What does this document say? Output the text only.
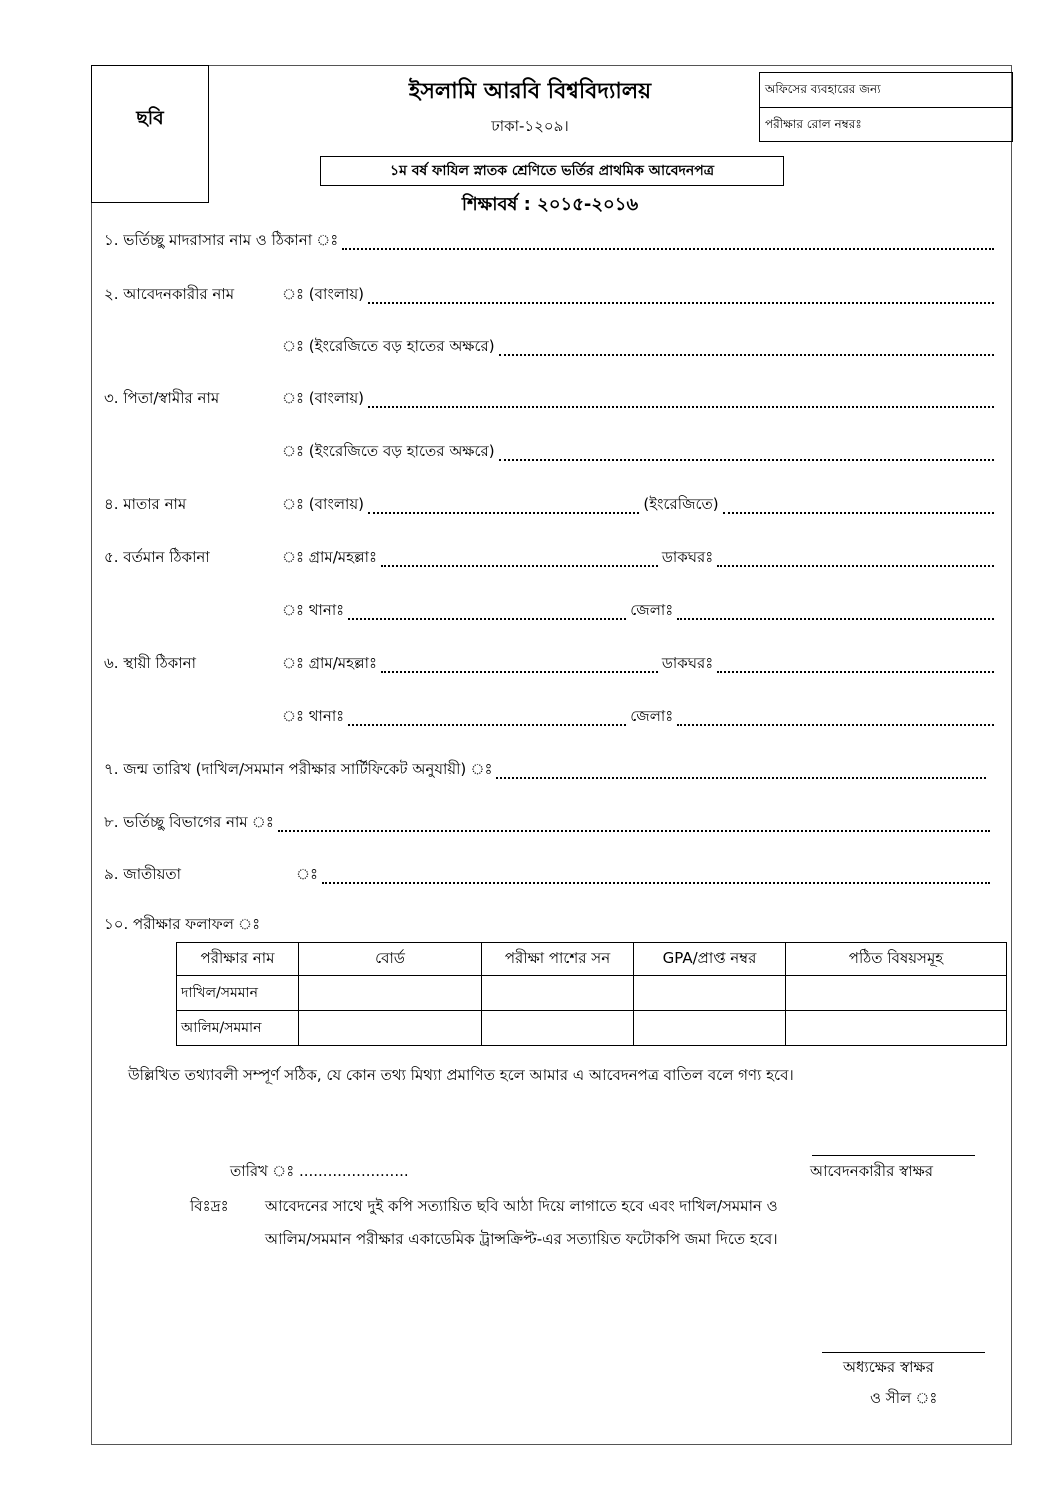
ছবি
অফিসের ব্যবহারের জন্য
পরীক্ষার রোল নম্বরঃ
ইসলামি আরবি বিশ্ববিদ্যালয়
ঢাকা-১২০৯।
১ম বর্ষ ফাযিল স্নাতক শ্রেণিতে ভর্তির প্রাথমিক আবেদনপত্র
শিক্ষাবর্ষ : ২০১৫-২০১৬
১. ভর্তিচ্ছু মাদরাসার নাম ও ঠিকানা ঃ
২. আবেদনকারীর নাম	ঃ (বাংলায়)
ঃ (ইংরেজিতে বড় হাতের অক্ষরে)
৩. পিতা/স্বামীর নাম	ঃ (বাংলায়)
ঃ (ইংরেজিতে বড় হাতের অক্ষরে)
৪. মাতার নাম	ঃ (বাংলায়)	(ইংরেজিতে)
৫. বর্তমান ঠিকানা	ঃ গ্রাম/মহল্লাঃ	ডাকঘরঃ
ঃ থানাঃ	জেলাঃ
৬. স্থায়ী ঠিকানা	ঃ গ্রাম/মহল্লাঃ	ডাকঘরঃ
ঃ থানাঃ	জেলাঃ
৭. জন্ম তারিখ (দাখিল/সমমান পরীক্ষার সার্টিফিকেট অনুযায়ী) ঃ
৮. ভর্তিচ্ছু বিভাগের নাম ঃ
৯. জাতীয়তা	ঃ
১০. পরীক্ষার ফলাফল ঃ
পরীক্ষার নাম	বোর্ড	পরীক্ষা পাশের সন	GPA/প্রাপ্ত নম্বর	পঠিত বিষয়সমূহ
দাখিল/সমমান				
আলিম/সমমান				
উল্লিখিত তথ্যাবলী সম্পূর্ণ সঠিক, যে কোন তথ্য মিথ্যা প্রমাণিত হলে আমার এ আবেদনপত্র বাতিল বলে গণ্য হবে।
তারিখ ঃ .......................	আবেদনকারীর স্বাক্ষর
বিঃদ্রঃ আবেদনের সাথে দুই কপি সত্যায়িত ছবি আঠা দিয়ে লাগাতে হবে এবং দাখিল/সমমান ও
আলিম/সমমান পরীক্ষার একাডেমিক ট্রান্সক্রিপ্ট-এর সত্যায়িত ফটোকপি জমা দিতে হবে।
অধ্যক্ষের স্বাক্ষর
ও সীল ঃ
